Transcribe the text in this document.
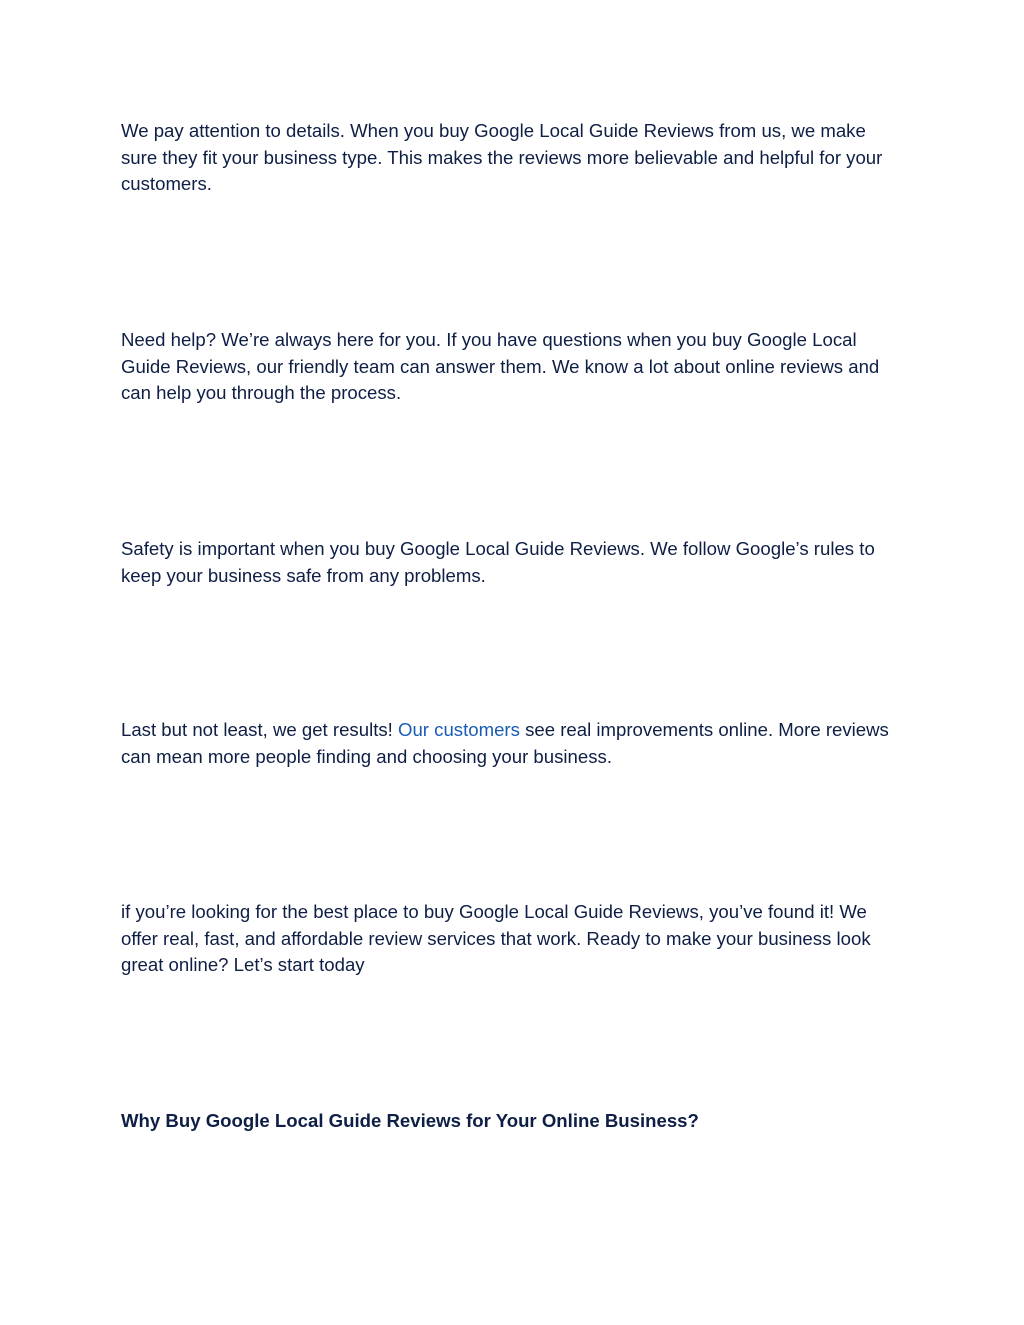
We pay attention to details. When you buy Google Local Guide Reviews from us, we make sure they fit your business type. This makes the reviews more believable and helpful for your customers.

Need help? We’re always here for you. If you have questions when you buy Google Local Guide Reviews, our friendly team can answer them. We know a lot about online reviews and can help you through the process.

Safety is important when you buy Google Local Guide Reviews. We follow Google’s rules to keep your business safe from any problems.

Last but not least, we get results! Our customers see real improvements online. More reviews can mean more people finding and choosing your business.

if you’re looking for the best place to buy Google Local Guide Reviews, you’ve found it! We offer real, fast, and affordable review services that work. Ready to make your business look great online? Let’s start today

Why Buy Google Local Guide Reviews for Your Online Business?
